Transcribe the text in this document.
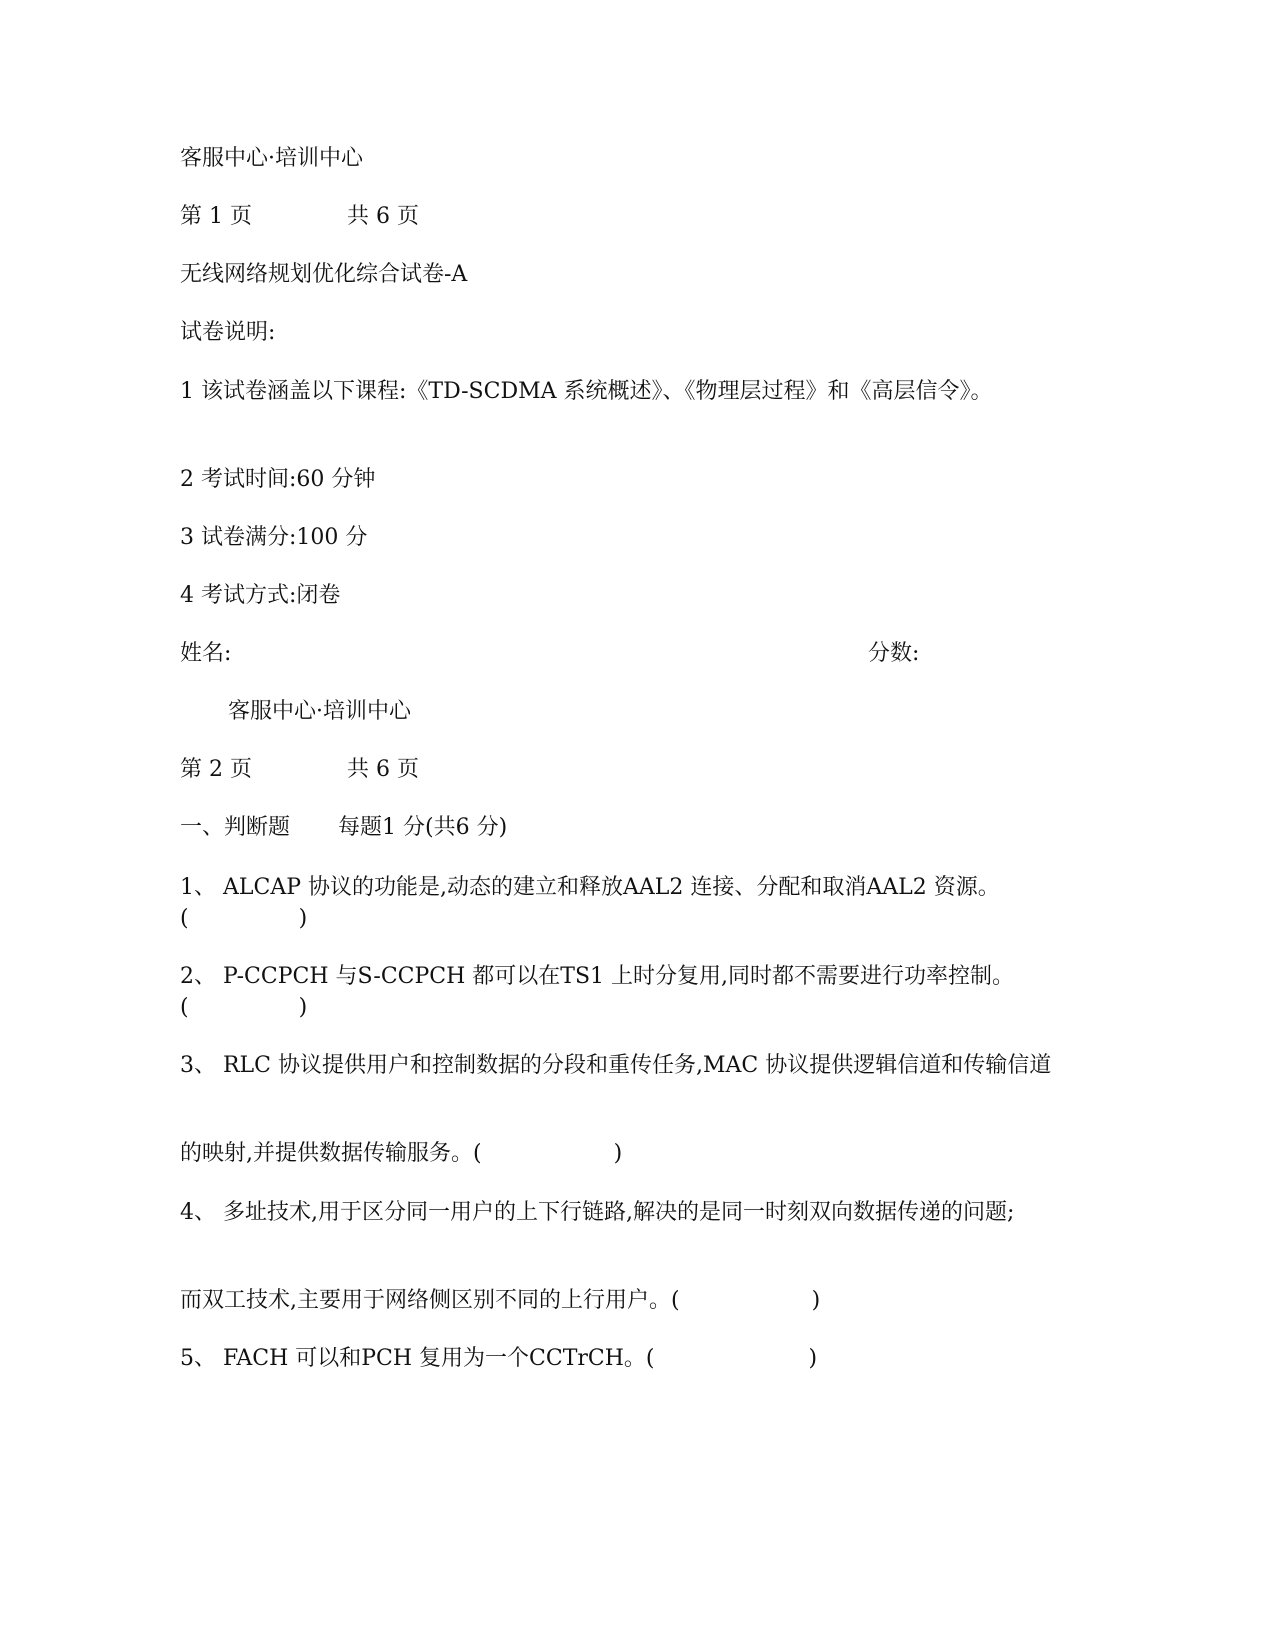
客服中心·培训中心
第 1 页	共 6 页
无线网络规划优化综合试卷-A
试卷说明:
1 该试卷涵盖以下课程:《TD-SCDMA 系统概述》、《物理层过程》和《高层信令》。
2 考试时间:60 分钟
3 试卷满分:100 分
4 考试方式:闭卷
姓名:	分数:
客服中心·培训中心
第 2 页	共 6 页
一、判断题 每题1 分(共6 分)
1、 ALCAP 协议的功能是,动态的建立和释放AAL2 连接、分配和取消AAL2 资源。(　　　　　)
2、 P-CCPCH 与S-CCPCH 都可以在TS1 上时分复用,同时都不需要进行功率控制。(　　　　　)
3、 RLC 协议提供用户和控制数据的分段和重传任务,MAC 协议提供逻辑信道和传输信道
的映射,并提供数据传输服务。(　　　　　　)
4、 多址技术,用于区分同一用户的上下行链路,解决的是同一时刻双向数据传递的问题;
而双工技术,主要用于网络侧区别不同的上行用户。(　　　　　　)
5、 FACH 可以和PCH 复用为一个CCTrCH。(　　　　　　　)
